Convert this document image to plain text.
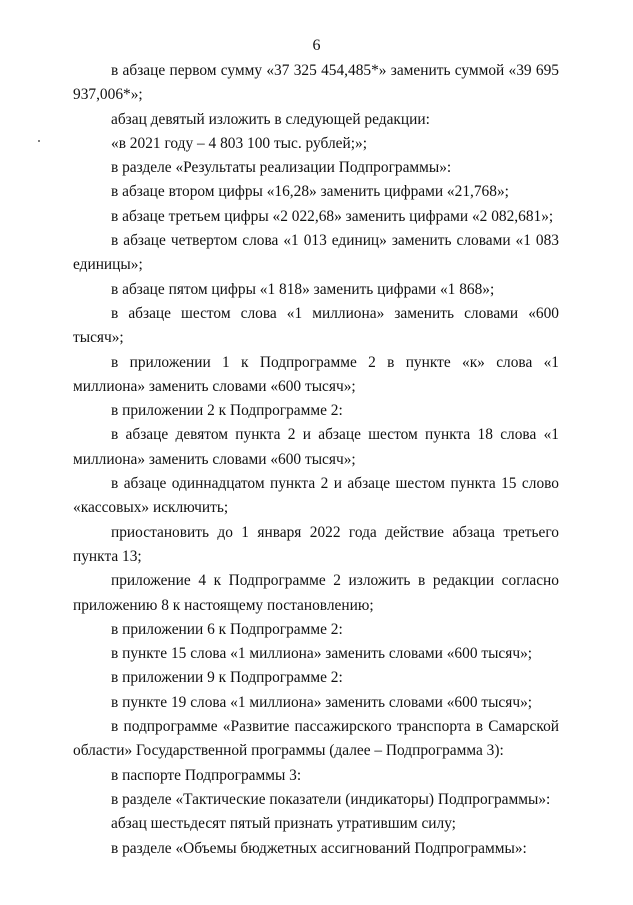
6

в абзаце первом сумму «37 325 454,485*» заменить суммой «39 695 937,006*»;

абзац девятый изложить в следующей редакции:

«в 2021 году – 4 803 100 тыс. рублей;»;

в разделе «Результаты реализации Подпрограммы»:

в абзаце втором цифры «16,28» заменить цифрами «21,768»;

в абзаце третьем цифры «2 022,68» заменить цифрами «2 082,681»;

в абзаце четвертом слова «1 013 единиц» заменить словами «1 083 единицы»;

в абзаце пятом цифры «1 818» заменить цифрами «1 868»;

в абзаце шестом слова «1 миллиона» заменить словами «600 тысяч»;

в приложении 1 к Подпрограмме 2 в пункте «к» слова «1 миллиона» заменить словами «600 тысяч»;

в приложении 2 к Подпрограмме 2:

в абзаце девятом пункта 2 и абзаце шестом пункта 18 слова «1 миллиона» заменить словами «600 тысяч»;

в абзаце одиннадцатом пункта 2 и абзаце шестом пункта 15 слово «кассовых» исключить;

приостановить до 1 января 2022 года действие абзаца третьего пункта 13;

приложение 4 к Подпрограмме 2 изложить в редакции согласно приложению 8 к настоящему постановлению;

в приложении 6 к Подпрограмме 2:

в пункте 15 слова «1 миллиона» заменить словами «600 тысяч»;

в приложении 9 к Подпрограмме 2:

в пункте 19 слова «1 миллиона» заменить словами «600 тысяч»;

в подпрограмме «Развитие пассажирского транспорта в Самарской области» Государственной программы (далее – Подпрограмма 3):

в паспорте Подпрограммы 3:

в разделе «Тактические показатели (индикаторы) Подпрограммы»:

абзац шестьдесят пятый признать утратившим силу;

в разделе «Объемы бюджетных ассигнований Подпрограммы»:
